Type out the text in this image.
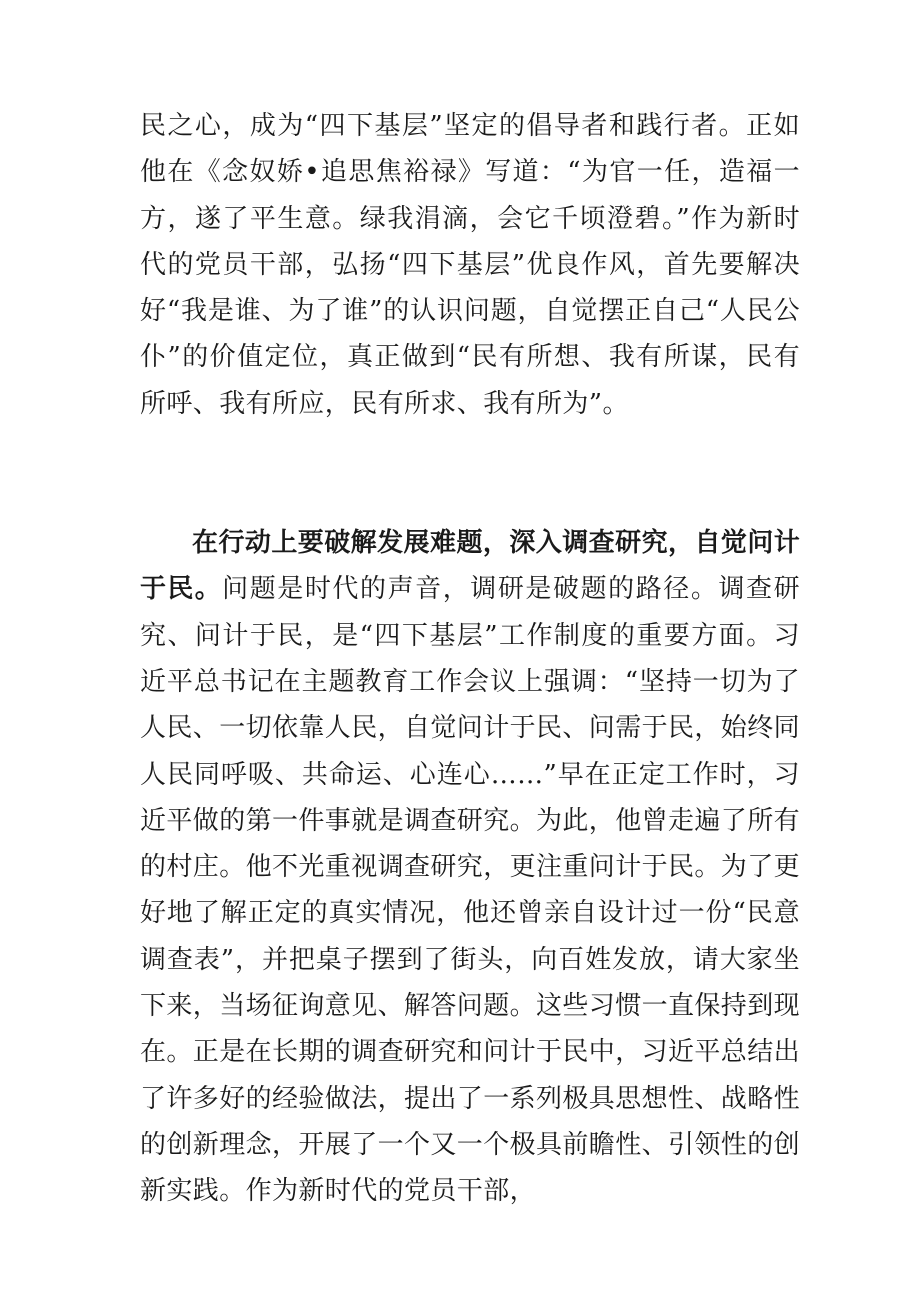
民之心，成为“四下基层”坚定的倡导者和践行者。正如他在《念奴娇•追思焦裕禄》写道：“为官一任，造福一方，遂了平生意。绿我涓滴，会它千顷澄碧。”作为新时代的党员干部，弘扬“四下基层”优良作风，首先要解决好“我是谁、为了谁”的认识问题，自觉摆正自己“人民公仆”的价值定位，真正做到“民有所想、我有所谋，民有所呼、我有所应，民有所求、我有所为”。

在行动上要破解发展难题，深入调查研究，自觉问计于民。问题是时代的声音，调研是破题的路径。调查研究、问计于民，是“四下基层”工作制度的重要方面。习近平总书记在主题教育工作会议上强调：“坚持一切为了人民、一切依靠人民，自觉问计于民、问需于民，始终同人民同呼吸、共命运、心连心……”早在正定工作时，习近平做的第一件事就是调查研究。为此，他曾走遍了所有的村庄。他不光重视调查研究，更注重问计于民。为了更好地了解正定的真实情况，他还曾亲自设计过一份“民意调查表”，并把桌子摆到了街头，向百姓发放，请大家坐下来，当场征询意见、解答问题。这些习惯一直保持到现在。正是在长期的调查研究和问计于民中，习近平总结出了许多好的经验做法，提出了一系列极具思想性、战略性的创新理念，开展了一个又一个极具前瞻性、引领性的创新实践。作为新时代的党员干部，
